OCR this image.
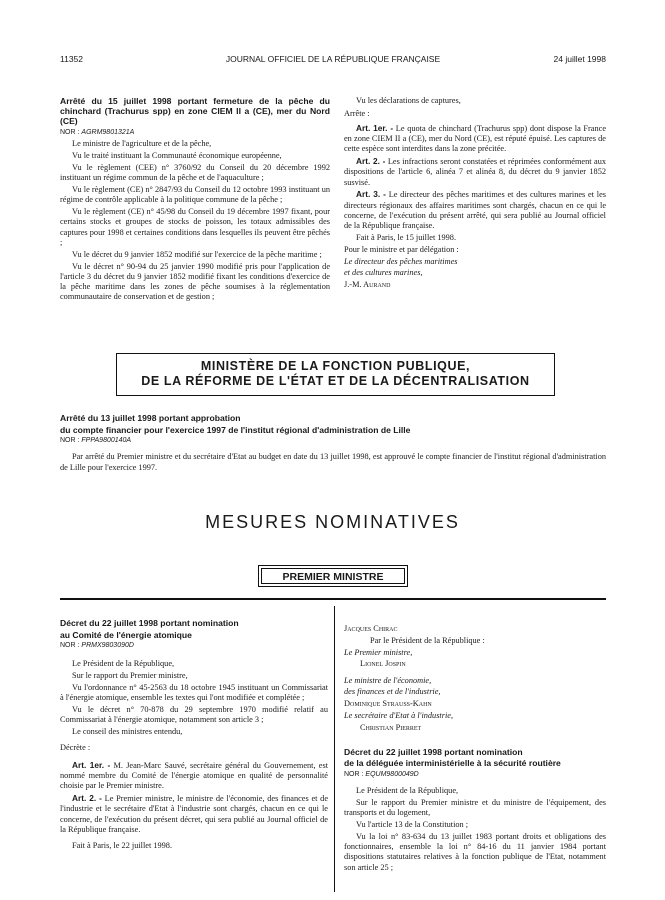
11352	JOURNAL OFFICIEL DE LA RÉPUBLIQUE FRANÇAISE	24 juillet 1998

Arrêté du 15 juillet 1998 portant fermeture de la pêche du chinchard (Trachurus spp) en zone CIEM II a (CE), mer du Nord (CE)

NOR : AGRM9801321A

Le ministre de l'agriculture et de la pêche,

Vu le traité instituant la Communauté économique européenne,

Vu le règlement (CEE) n° 3760/92 du Conseil du 20 décembre 1992 instituant un régime commun de la pêche et de l'aquaculture ;

Vu le règlement (CE) n° 2847/93 du Conseil du 12 octobre 1993 instituant un régime de contrôle applicable à la politique commune de la pêche ;

Vu le règlement (CE) n° 45/98 du Conseil du 19 décembre 1997 fixant, pour certains stocks et groupes de stocks de poisson, les totaux admissibles des captures pour 1998 et certaines conditions dans lesquelles ils peuvent être pêchés ;

Vu le décret du 9 janvier 1852 modifié sur l'exercice de la pêche maritime ;

Vu le décret n° 90-94 du 25 janvier 1990 modifié pris pour l'application de l'article 3 du décret du 9 janvier 1852 modifié fixant les conditions d'exercice de la pêche maritime dans les zones de pêche soumises à la réglementation communautaire de conservation et de gestion ;

Vu les déclarations de captures,

Arrête :

Art. 1er. - Le quota de chinchard (Trachurus spp) dont dispose la France en zone CIEM II a (CE), mer du Nord (CE), est réputé épuisé. Les captures de cette espèce sont interdites dans la zone précitée.

Art. 2. - Les infractions seront constatées et réprimées conformément aux dispositions de l'article 6, alinéa 7 et alinéa 8, du décret du 9 janvier 1852 susvisé.

Art. 3. - Le directeur des pêches maritimes et des cultures marines et les directeurs régionaux des affaires maritimes sont chargés, chacun en ce qui le concerne, de l'exécution du présent arrêté, qui sera publié au Journal officiel de la République française.

Fait à Paris, le 15 juillet 1998.

Pour le ministre et par délégation :

Le directeur des pêches maritimes

et des cultures marines,

J.-M. Aurand

MINISTÈRE DE LA FONCTION PUBLIQUE,
DE LA RÉFORME DE L'ÉTAT ET DE LA DÉCENTRALISATION

Arrêté du 13 juillet 1998 portant approbation

du compte financier pour l'exercice 1997 de l'institut régional d'administration de Lille

NOR : FPPA9800140A

Par arrêté du Premier ministre et du secrétaire d'Etat au budget en date du 13 juillet 1998, est approuvé le compte financier de l'institut régional d'administration de Lille pour l'exercice 1997.

MESURES NOMINATIVES
PREMIER MINISTRE

Décret du 22 juillet 1998 portant nomination

au Comité de l'énergie atomique

NOR : PRMX9803090D

Le Président de la République,

Sur le rapport du Premier ministre,

Vu l'ordonnance n° 45-2563 du 18 octobre 1945 instituant un Commissariat à l'énergie atomique, ensemble les textes qui l'ont modifiée et complétée ;

Vu le décret n° 70-878 du 29 septembre 1970 modifié relatif au Commissariat à l'énergie atomique, notamment son article 3 ;

Le conseil des ministres entendu,

Décrète :

Art. 1er. - M. Jean-Marc Sauvé, secrétaire général du Gouvernement, est nommé membre du Comité de l'énergie atomique en qualité de personnalité choisie par le Premier ministre.

Art. 2. - Le Premier ministre, le ministre de l'économie, des finances et de l'industrie et le secrétaire d'Etat à l'industrie sont chargés, chacun en ce qui le concerne, de l'exécution du présent décret, qui sera publié au Journal officiel de la République française.

Fait à Paris, le 22 juillet 1998.

Jacques Chirac

Par le Président de la République :

Le Premier ministre,

Lionel Jospin

Le ministre de l'économie,

des finances et de l'industrie,

Dominique Strauss-Kahn

Le secrétaire d'Etat à l'industrie,

Christian Pierret

Décret du 22 juillet 1998 portant nomination

de la déléguée interministérielle à la sécurité routière

NOR : EQUM9800049D

Le Président de la République,

Sur le rapport du Premier ministre et du ministre de l'équipement, des transports et du logement,

Vu l'article 13 de la Constitution ;

Vu la loi n° 83-634 du 13 juillet 1983 portant droits et obligations des fonctionnaires, ensemble la loi n° 84-16 du 11 janvier 1984 portant dispositions statutaires relatives à la fonction publique de l'Etat, notamment son article 25 ;
